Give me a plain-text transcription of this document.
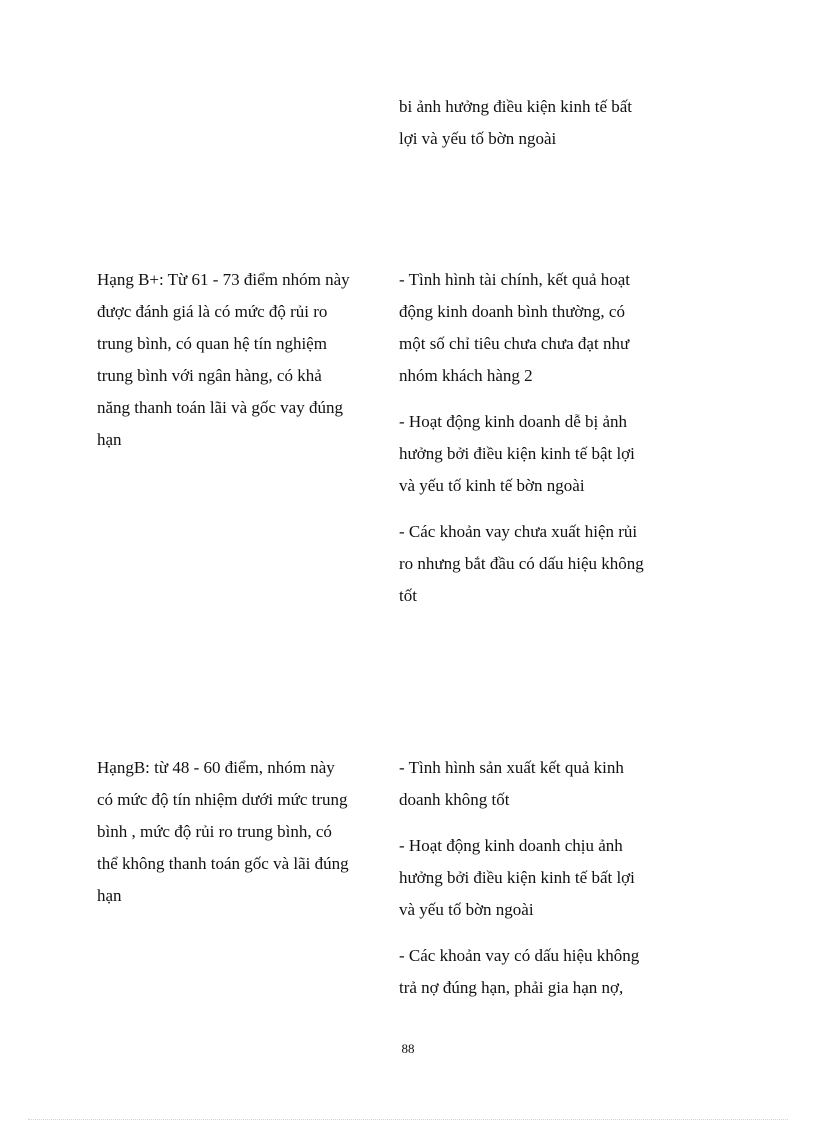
bi ảnh hưởng điều kiện kinh tế bất
lợi và yếu tố bờn ngoài
Hạng B+: Từ 61 - 73 điểm nhóm này
được đánh giá là có mức độ rủi ro
trung bình, có quan hệ tín nghiệm
trung bình với ngân hàng, có khả
năng thanh toán lãi và gốc vay đúng
hạn
- Tình hình tài chính, kết quả hoạt
động kinh doanh bình thường, có
một số chỉ tiêu chưa chưa đạt như
nhóm khách hàng 2
- Hoạt động kinh doanh dễ bị ảnh
hưởng bởi điều kiện kinh tế bật lợi
và yếu tố kinh tế bờn ngoài
- Các khoản vay chưa xuất hiện rủi
ro nhưng bắt đầu có dấu hiệu không
tốt
HạngB: từ 48 - 60 điểm, nhóm này
có mức độ tín nhiệm dưới mức trung
bình , mức độ rủi ro trung bình, có
thể không thanh toán gốc và lãi đúng
hạn
- Tình hình sản xuất kết quả kinh
doanh không tốt
- Hoạt động kinh doanh chịu ảnh
hưởng bởi điều kiện kinh tế bất lợi
và yếu tố bờn ngoài
- Các khoản vay có dấu hiệu không
trả nợ đúng hạn, phải gia hạn nợ,
88
